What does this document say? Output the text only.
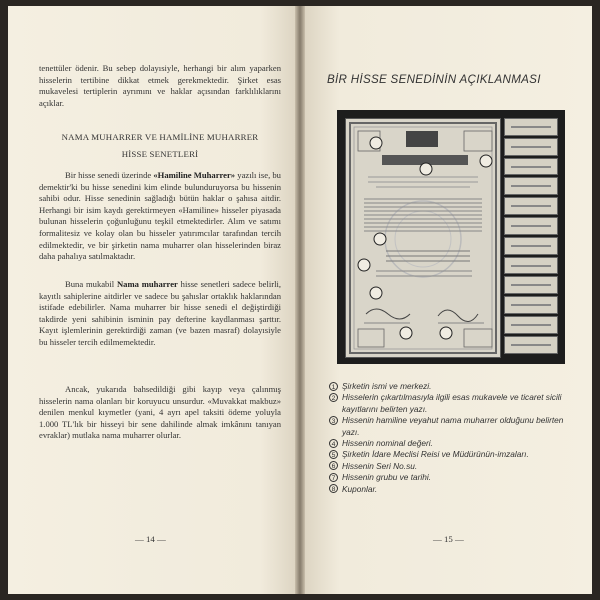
tenettüler ödenir. Bu sebep dolayısiyle, herhangi bir alım yaparken hisselerin tertibine dikkat etmek gerekmektedir. Şirket esas mukavelesi tertiplerin ayrımını ve haklar açısından farklılıklarını açıklar.

NAMA MUHARRER VE HAMİLİNE MUHARRER
HİSSE SENETLERİ

Bir hisse senedi üzerinde «Hamiline Muharrer» yazılı ise, bu demektir'ki bu hisse senedini kim elinde bulunduruyorsa bu hissenin sahibi odur. Hisse senedinin sağladığı bütün haklar o şahısa aitdir. Herhangi bir isim kaydı gerektirmeyen «Hamiline» hisseler piyasada bulunan hisselerin çoğunluğunu teşkil etmektedirler. Alım ve satımı formalitesiz ve kolay olan bu hisseler yatırımcılar tarafından tercih edilmektedir, ve bir şirketin nama muharrer olan hisselerinden biraz daha pahalıya satılmaktadır.

Buna mukabil Nama muharrer hisse senetleri sadece belirli, kayıtlı sahiplerine aitdirler ve sadece bu şahıslar ortaklık haklarından istifade edebilirler. Nama muharrer bir hisse senedi el değiştirdiği takdirde yeni sahibinin isminin pay defterine kaydlanması şarttır. Kayıt işlemlerinin gerektirdiği zaman (ve bazen masraf) dolayısiyle bu hisseler tercih edilmemektedir.

Ancak, yukarıda bahsedildiği gibi kayıp veya çalınmış hisselerin nama olanları bir koruyucu unsurdur. «Muvakkat makbuz» denilen menkul kıymetler (yani, 4 ayrı apel taksiti ödeme yoluyla 1.000 TL'lık bir hisseyi bir sene dahilinde almak imkânını tanıyan evraklar) mutlaka nama muharrer olurlar.

— 14 —
BİR HİSSE SENEDİNİN AÇIKLANMASI
1 Şirketin ismi ve merkezi.
2 Hisselerin çıkartılmasıyla ilgili esas mukavele ve ticaret sicili kayıtlarını belirten yazı.
3 Hissenin hamiline veyahut nama muharrer olduğunu belirten yazı.
4 Hissenin nominal değeri.
5 Şirketin İdare Meclisi Reisi ve Müdürünün-imzaları.
6 Hissenin Seri No.su.
7 Hissenin grubu ve tarihi.
8 Kuponlar.
— 15 —
